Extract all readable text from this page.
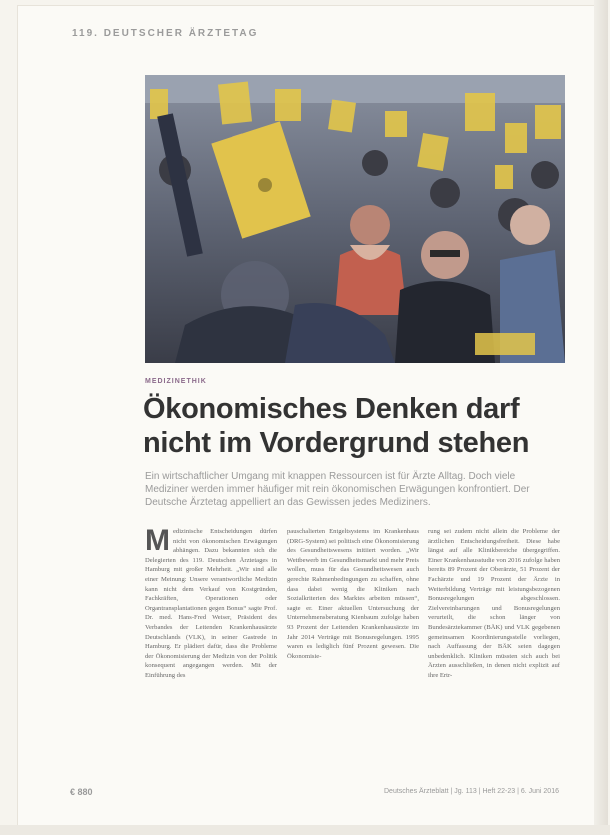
119. DEUTSCHER ÄRZTETAG
MEDIZINETHIK
Ökonomisches Denken darf nicht im Vordergrund stehen
Ein wirtschaftlicher Umgang mit knappen Ressourcen ist für Ärzte Alltag. Doch viele Mediziner werden immer häufiger mit rein ökonomischen Erwägungen konfrontiert. Der Deutsche Ärztetag appelliert an das Gewissen jedes Mediziners.
Medizinische Entscheidungen dürfen nicht von ökonomischen Erwägungen abhängen. Dazu bekannten sich die Delegierten des 119. Deutschen Ärztetages in Hamburg mit großer Mehrheit. „Wir sind alle einer Meinung: Unsere verantwortliche Medizin kann nicht dem Verkauf von Kostgründen, Fachkräften, Operationen oder Organtransplantationen gegen Bonus“ sagte Prof. Dr. med. Hans-Fred Weiser, Präsident des Verbandes der Leitenden Krankenhausärzte Deutschlands (VLK), in seiner Gastrede in Hamburg. Er plädiert dafür, dass die Probleme der Ökonomisierung der Medizin von der Politik konsequent angegangen werden. Mit der Einführung des
pauschalierten Entgeltsystems im Krankenhaus (DRG-System) sei politisch eine Ökonomisierung des Gesundheitswesens initiiert worden. „Wir Wettbewerb im Gesundheitsmarkt und mehr Preis wollen, muss für das Gesundheitswesen auch gerechte Rahmenbedingungen zu schaffen, ohne dass dabei wenig die Kliniken nach Sozialkriterien des Marktes arbeiten müssen“, sagte er. Einer aktuellen Untersuchung der Unternehmensberatung Kienbaum zufolge haben 93 Prozent der Leitenden Krankenhausärzte im Jahr 2014 Verträge mit Bonusregelungen. 1995 waren es lediglich fünf Prozent gewesen. Die Ökonomisie-
rung sei zudem nicht allein die Probleme der ärztlichen Entscheidungsfreiheit. Diese habe längst auf alle Klinikbereiche übergegriffen. Einer Krankenhausstudie von 2016 zufolge haben bereits 89 Prozent der Oberärzte, 51 Prozent der Fachärzte und 19 Prozent der Ärzte in Weiterbildung Verträge mit leistungsbezogenen Bonusregelungen abgeschlossen. Zielvereinbarungen und Bonusregelungen verurteilt, die schon länger von Bundesärztekammer (BÄK) und VLK gegebenen gemeinsamen Koordinierungsstelle vorliegen, nach Auffassung der BÄK seien dagegen unbedenklich. Kliniken müssten sich auch bei Ärzten ausschließen, in denen nicht explizit auf ihre Ertr-
€ 880	Deutsches Ärzteblatt | Jg. 113 | Heft 22-23 | 6. Juni 2016
